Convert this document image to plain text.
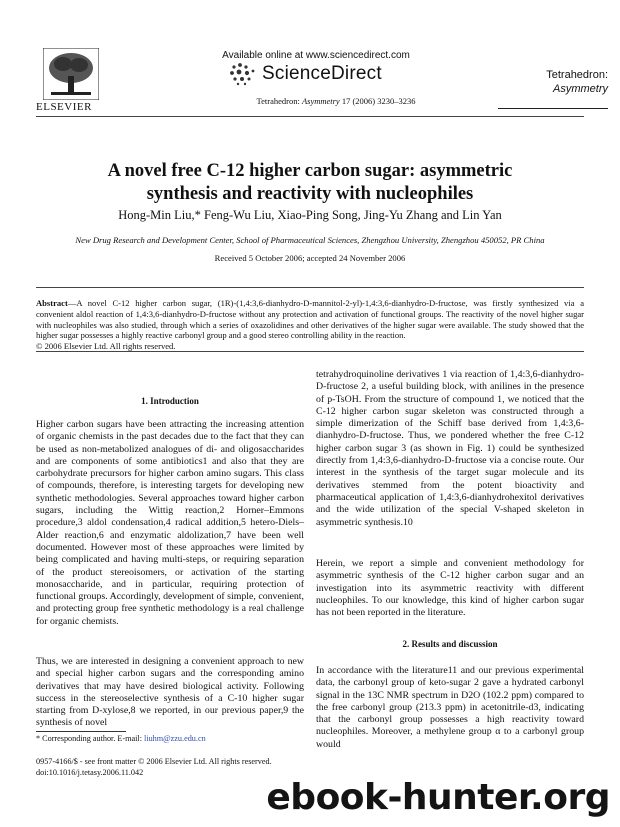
Available online at www.sciencedirect.com
ScienceDirect
ELSEVIER
Tetrahedron:
Asymmetry
Tetrahedron: Asymmetry 17 (2006) 3230–3236
A novel free C-12 higher carbon sugar: asymmetric
synthesis and reactivity with nucleophiles
Hong-Min Liu,* Feng-Wu Liu, Xiao-Ping Song, Jing-Yu Zhang and Lin Yan
New Drug Research and Development Center, School of Pharmaceutical Sciences, Zhengzhou University, Zhengzhou 450052, PR China
Received 5 October 2006; accepted 24 November 2006
Abstract—A novel C-12 higher carbon sugar, (1R)-(1,4:3,6-dianhydro-D-mannitol-2-yl)-1,4:3,6-dianhydro-D-fructose, was firstly synthesized via a convenient aldol reaction of 1,4:3,6-dianhydro-D-fructose without any protection and activation of functional groups. The reactivity of the novel higher sugar with nucleophiles was also studied, through which a series of oxazolidines and other derivatives of the higher sugar were available. The study showed that the higher sugar possesses a highly reactive carbonyl group and a good stereo controlling ability in the reaction.
© 2006 Elsevier Ltd. All rights reserved.
1. Introduction
Higher carbon sugars have been attracting the increasing attention of organic chemists in the past decades due to the fact that they can be used as non-metabolized analogues of di- and oligosaccharides and are components of some antibiotics1 and also that they are carbohydrate precursors for higher carbon amino sugars. This class of compounds, therefore, is interesting targets for developing new synthetic methodologies. Several approaches toward higher carbon sugars, including the Wittig reaction,2 Horner–Emmons procedure,3 aldol condensation,4 radical addition,5 hetero-Diels–Alder reaction,6 and enzymatic aldolization,7 have been well documented. However most of these approaches were limited by being complicated and having multi-steps, or requiring separation of the product stereoisomers, or activation of the starting monosaccharide, and in particular, requiring protection of functional groups. Accordingly, development of simple, convenient, and protecting group free synthetic methodology is a real challenge for organic chemists.
Thus, we are interested in designing a convenient approach to new and special higher carbon sugars and the corresponding amino derivatives that may have desired biological activity. Following success in the stereoselective synthesis of a C-10 higher sugar starting from D-xylose,8 we reported, in our previous paper,9 the synthesis of novel
* Corresponding author. E-mail: liuhm@zzu.edu.cn
0957-4166/$ - see front matter © 2006 Elsevier Ltd. All rights reserved.
doi:10.1016/j.tetasy.2006.11.042
tetrahydroquinoline derivatives 1 via reaction of 1,4:3,6-dianhydro-D-fructose 2, a useful building block, with anilines in the presence of p-TsOH. From the structure of compound 1, we noticed that the C-12 higher carbon sugar skeleton was constructed through a simple dimerization of the Schiff base derived from 1,4:3,6-dianhydro-D-fructose. Thus, we pondered whether the free C-12 higher carbon sugar 3 (as shown in Fig. 1) could be synthesized directly from 1,4:3,6-dianhydro-D-fructose via a concise route. Our interest in the synthesis of the target sugar molecule and its derivatives stemmed from the potent bioactivity and pharmaceutical application of 1,4:3,6-dianhydrohexitol derivatives and the wide utilization of the special V-shaped skeleton in asymmetric synthesis.10
Herein, we report a simple and convenient methodology for asymmetric synthesis of the C-12 higher carbon sugar and an investigation into its asymmetric reactivity with different nucleophiles. To our knowledge, this kind of higher carbon sugar has not been reported in the literature.
2. Results and discussion
In accordance with the literature11 and our previous experimental data, the carbonyl group of keto-sugar 2 gave a hydrated carbonyl signal in the 13C NMR spectrum in D2O (102.2 ppm) compared to the free carbonyl group (213.3 ppm) in acetonitrile-d3, indicating that the carbonyl group possesses a high reactivity toward nucleophiles. Moreover, a methylene group α to a carbonyl group would
ebook-hunter.org
